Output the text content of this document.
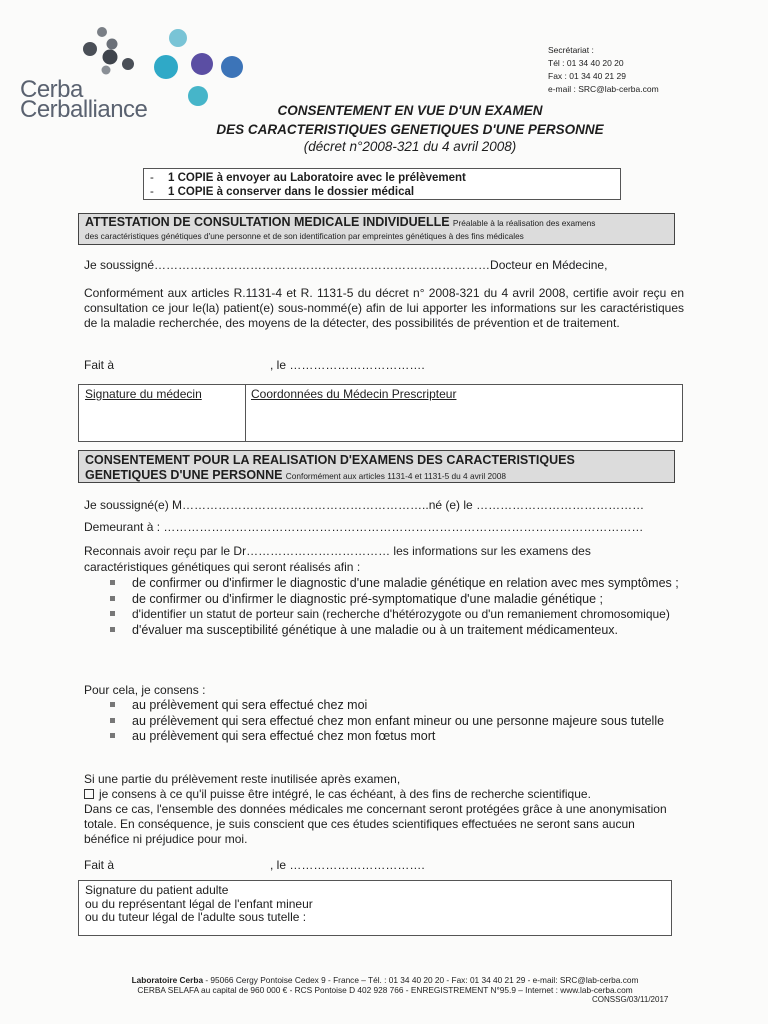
Cerba
Cerballiance
Secrétariat :
Tél : 01 34 40 20 20
Fax : 01 34 40 21 29
e-mail : SRC@lab-cerba.com
CONSENTEMENT EN VUE D'UN EXAMEN
DES CARACTERISTIQUES GENETIQUES D'UNE PERSONNE
(décret n°2008-321 du 4 avril 2008)
- 1 COPIE à envoyer au Laboratoire avec le prélèvement
- 1 COPIE à conserver dans le dossier médical
ATTESTATION DE CONSULTATION MEDICALE INDIVIDUELLE Préalable à la réalisation des examens
des caractéristiques génétiques d'une personne et de son identification par empreintes génétiques à des fins médicales
Je soussigné…………………………………………………………………………Docteur en Médecine,
Conformément aux articles R.1131-4 et R. 1131-5 du décret n° 2008-321 du 4 avril 2008, certifie avoir reçu en consultation ce jour le(la) patient(e) sous-nommé(e) afin de lui apporter les informations sur les caractéristiques de la maladie recherchée, des moyens de la détecter, des possibilités de prévention et de traitement.
Fait à	, le …………………………….
Signature du médecin	Coordonnées du Médecin Prescripteur
CONSENTEMENT POUR LA REALISATION D'EXAMENS DES CARACTERISTIQUES
GENETIQUES D'UNE PERSONNE Conformément aux articles 1131-4 et 1131-5 du 4 avril 2008
Je soussigné(e) M……………………………………………………..né (e) le ……………………………………
Demeurant à : …………………………………………………………………………………………………………
Reconnais avoir reçu par le Dr……………………………… les informations sur les examens des caractéristiques génétiques qui seront réalisés afin :
de confirmer ou d'infirmer le diagnostic d'une maladie génétique en relation avec mes symptômes ;
de confirmer ou d'infirmer le diagnostic pré-symptomatique d'une maladie génétique ;
d'identifier un statut de porteur sain (recherche d'hétérozygote ou d'un remaniement chromosomique)
d'évaluer ma susceptibilité génétique à une maladie ou à un traitement médicamenteux.
Pour cela, je consens :
au prélèvement qui sera effectué chez moi
au prélèvement qui sera effectué chez mon enfant mineur ou une personne majeure sous tutelle
au prélèvement qui sera effectué chez mon fœtus mort
Si une partie du prélèvement reste inutilisée après examen,
je consens à ce qu'il puisse être intégré, le cas échéant, à des fins de recherche scientifique.
Dans ce cas, l'ensemble des données médicales me concernant seront protégées grâce à une anonymisation totale. En conséquence, je suis conscient que ces études scientifiques effectuées ne seront sans aucun bénéfice ni préjudice pour moi.
Fait à	, le …………………………….
Signature du patient adulte
ou du représentant légal de l'enfant mineur
ou du tuteur légal de l'adulte sous tutelle :
Laboratoire Cerba - 95066 Cergy Pontoise Cedex 9 - France – Tél. : 01 34 40 20 20 - Fax: 01 34 40 21 29 - e-mail: SRC@lab-cerba.com
CERBA SELAFA au capital de 960 000 € - RCS Pontoise D 402 928 766 - ENREGISTREMENT N°95.9 – Internet : www.lab-cerba.com
CONSSG/03/11/2017
